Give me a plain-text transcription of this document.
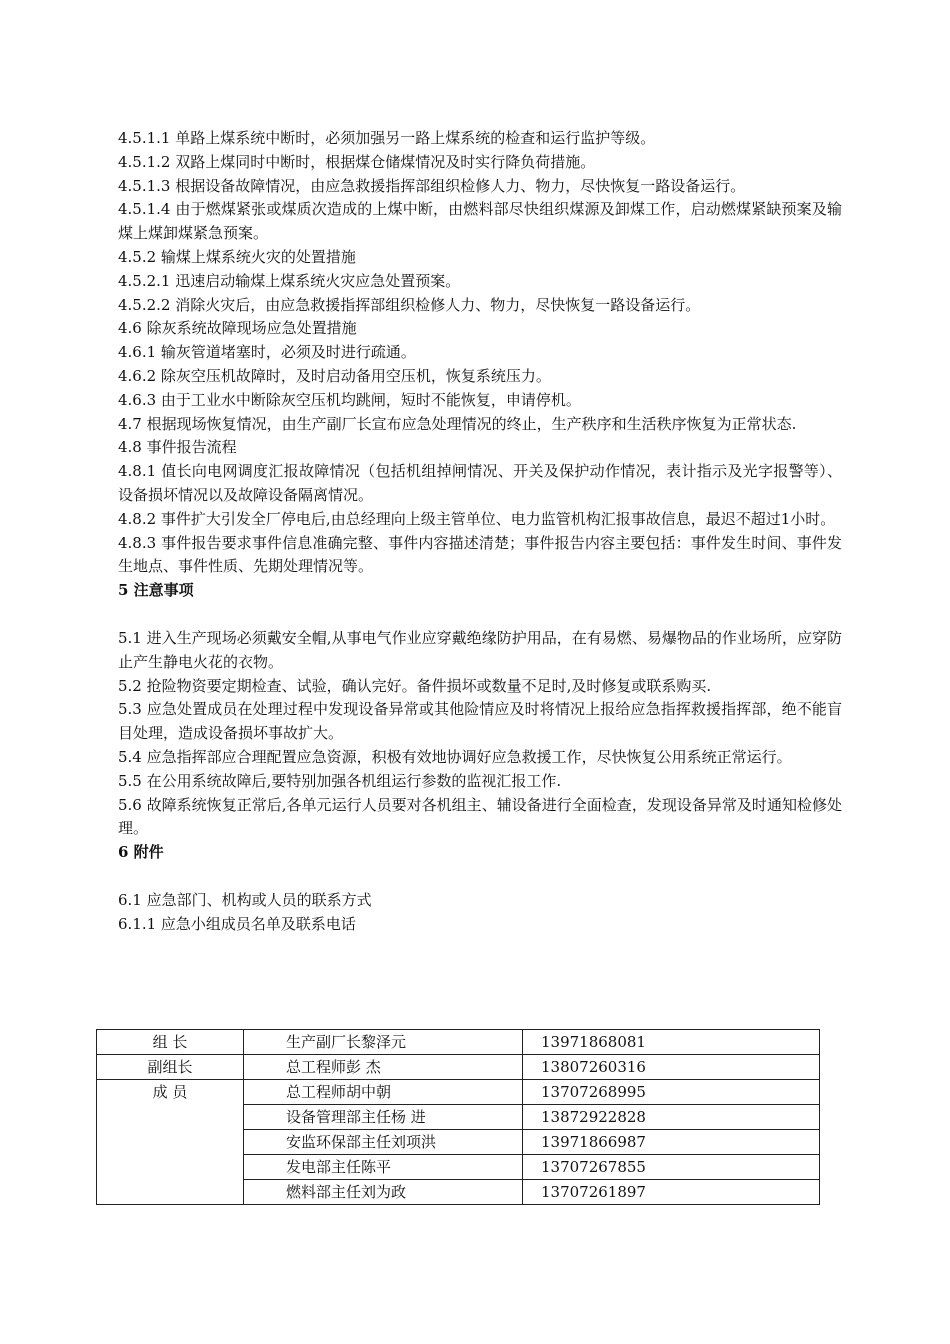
4.5.1.1 单路上煤系统中断时，必须加强另一路上煤系统的检查和运行监护等级。

4.5.1.2 双路上煤同时中断时，根据煤仓储煤情况及时实行降负荷措施。

4.5.1.3 根据设备故障情况，由应急救援指挥部组织检修人力、物力，尽快恢复一路设备运行。

4.5.1.4 由于燃煤紧张或煤质次造成的上煤中断，由燃料部尽快组织煤源及卸煤工作，启动燃煤紧缺预案及输煤上煤卸煤紧急预案。

4.5.2 输煤上煤系统火灾的处置措施

4.5.2.1 迅速启动输煤上煤系统火灾应急处置预案。

4.5.2.2 消除火灾后，由应急救援指挥部组织检修人力、物力，尽快恢复一路设备运行。

4.6 除灰系统故障现场应急处置措施

4.6.1 输灰管道堵塞时，必须及时进行疏通。

4.6.2 除灰空压机故障时，及时启动备用空压机，恢复系统压力。

4.6.3 由于工业水中断除灰空压机均跳闸，短时不能恢复，申请停机。

4.7 根据现场恢复情况，由生产副厂长宣布应急处理情况的终止，生产秩序和生活秩序恢复为正常状态.

4.8 事件报告流程

4.8.1 值长向电网调度汇报故障情况（包括机组掉闸情况、开关及保护动作情况，表计指示及光字报警等）、设备损坏情况以及故障设备隔离情况。

4.8.2 事件扩大引发全厂停电后,由总经理向上级主管单位、电力监管机构汇报事故信息，最迟不超过1小时。

4.8.3 事件报告要求事件信息准确完整、事件内容描述清楚；事件报告内容主要包括：事件发生时间、事件发生地点、事件性质、先期处理情况等。

5 注意事项

5.1 进入生产现场必须戴安全帽,从事电气作业应穿戴绝缘防护用品，在有易燃、易爆物品的作业场所，应穿防止产生静电火花的衣物。

5.2 抢险物资要定期检查、试验，确认完好。备件损坏或数量不足时,及时修复或联系购买.

5.3 应急处置成员在处理过程中发现设备异常或其他险情应及时将情况上报给应急指挥救援指挥部，绝不能盲目处理，造成设备损坏事故扩大。

5.4 应急指挥部应合理配置应急资源，积极有效地协调好应急救援工作，尽快恢复公用系统正常运行。

5.5 在公用系统故障后,要特别加强各机组运行参数的监视汇报工作.

5.6 故障系统恢复正常后,各单元运行人员要对各机组主、辅设备进行全面检查，发现设备异常及时通知检修处理。

6 附件

6.1 应急部门、机构或人员的联系方式

6.1.1 应急小组成员名单及联系电话

组 长	生产副厂长黎泽元	13971868081
副组长	总工程师彭 杰	13807260316
成 员	总工程师胡中朝	13707268995
	设备管理部主任杨 进	13872922828
	安监环保部主任刘项洪	13971866987
	发电部主任陈平	13707267855
	燃料部主任刘为政	13707261897
